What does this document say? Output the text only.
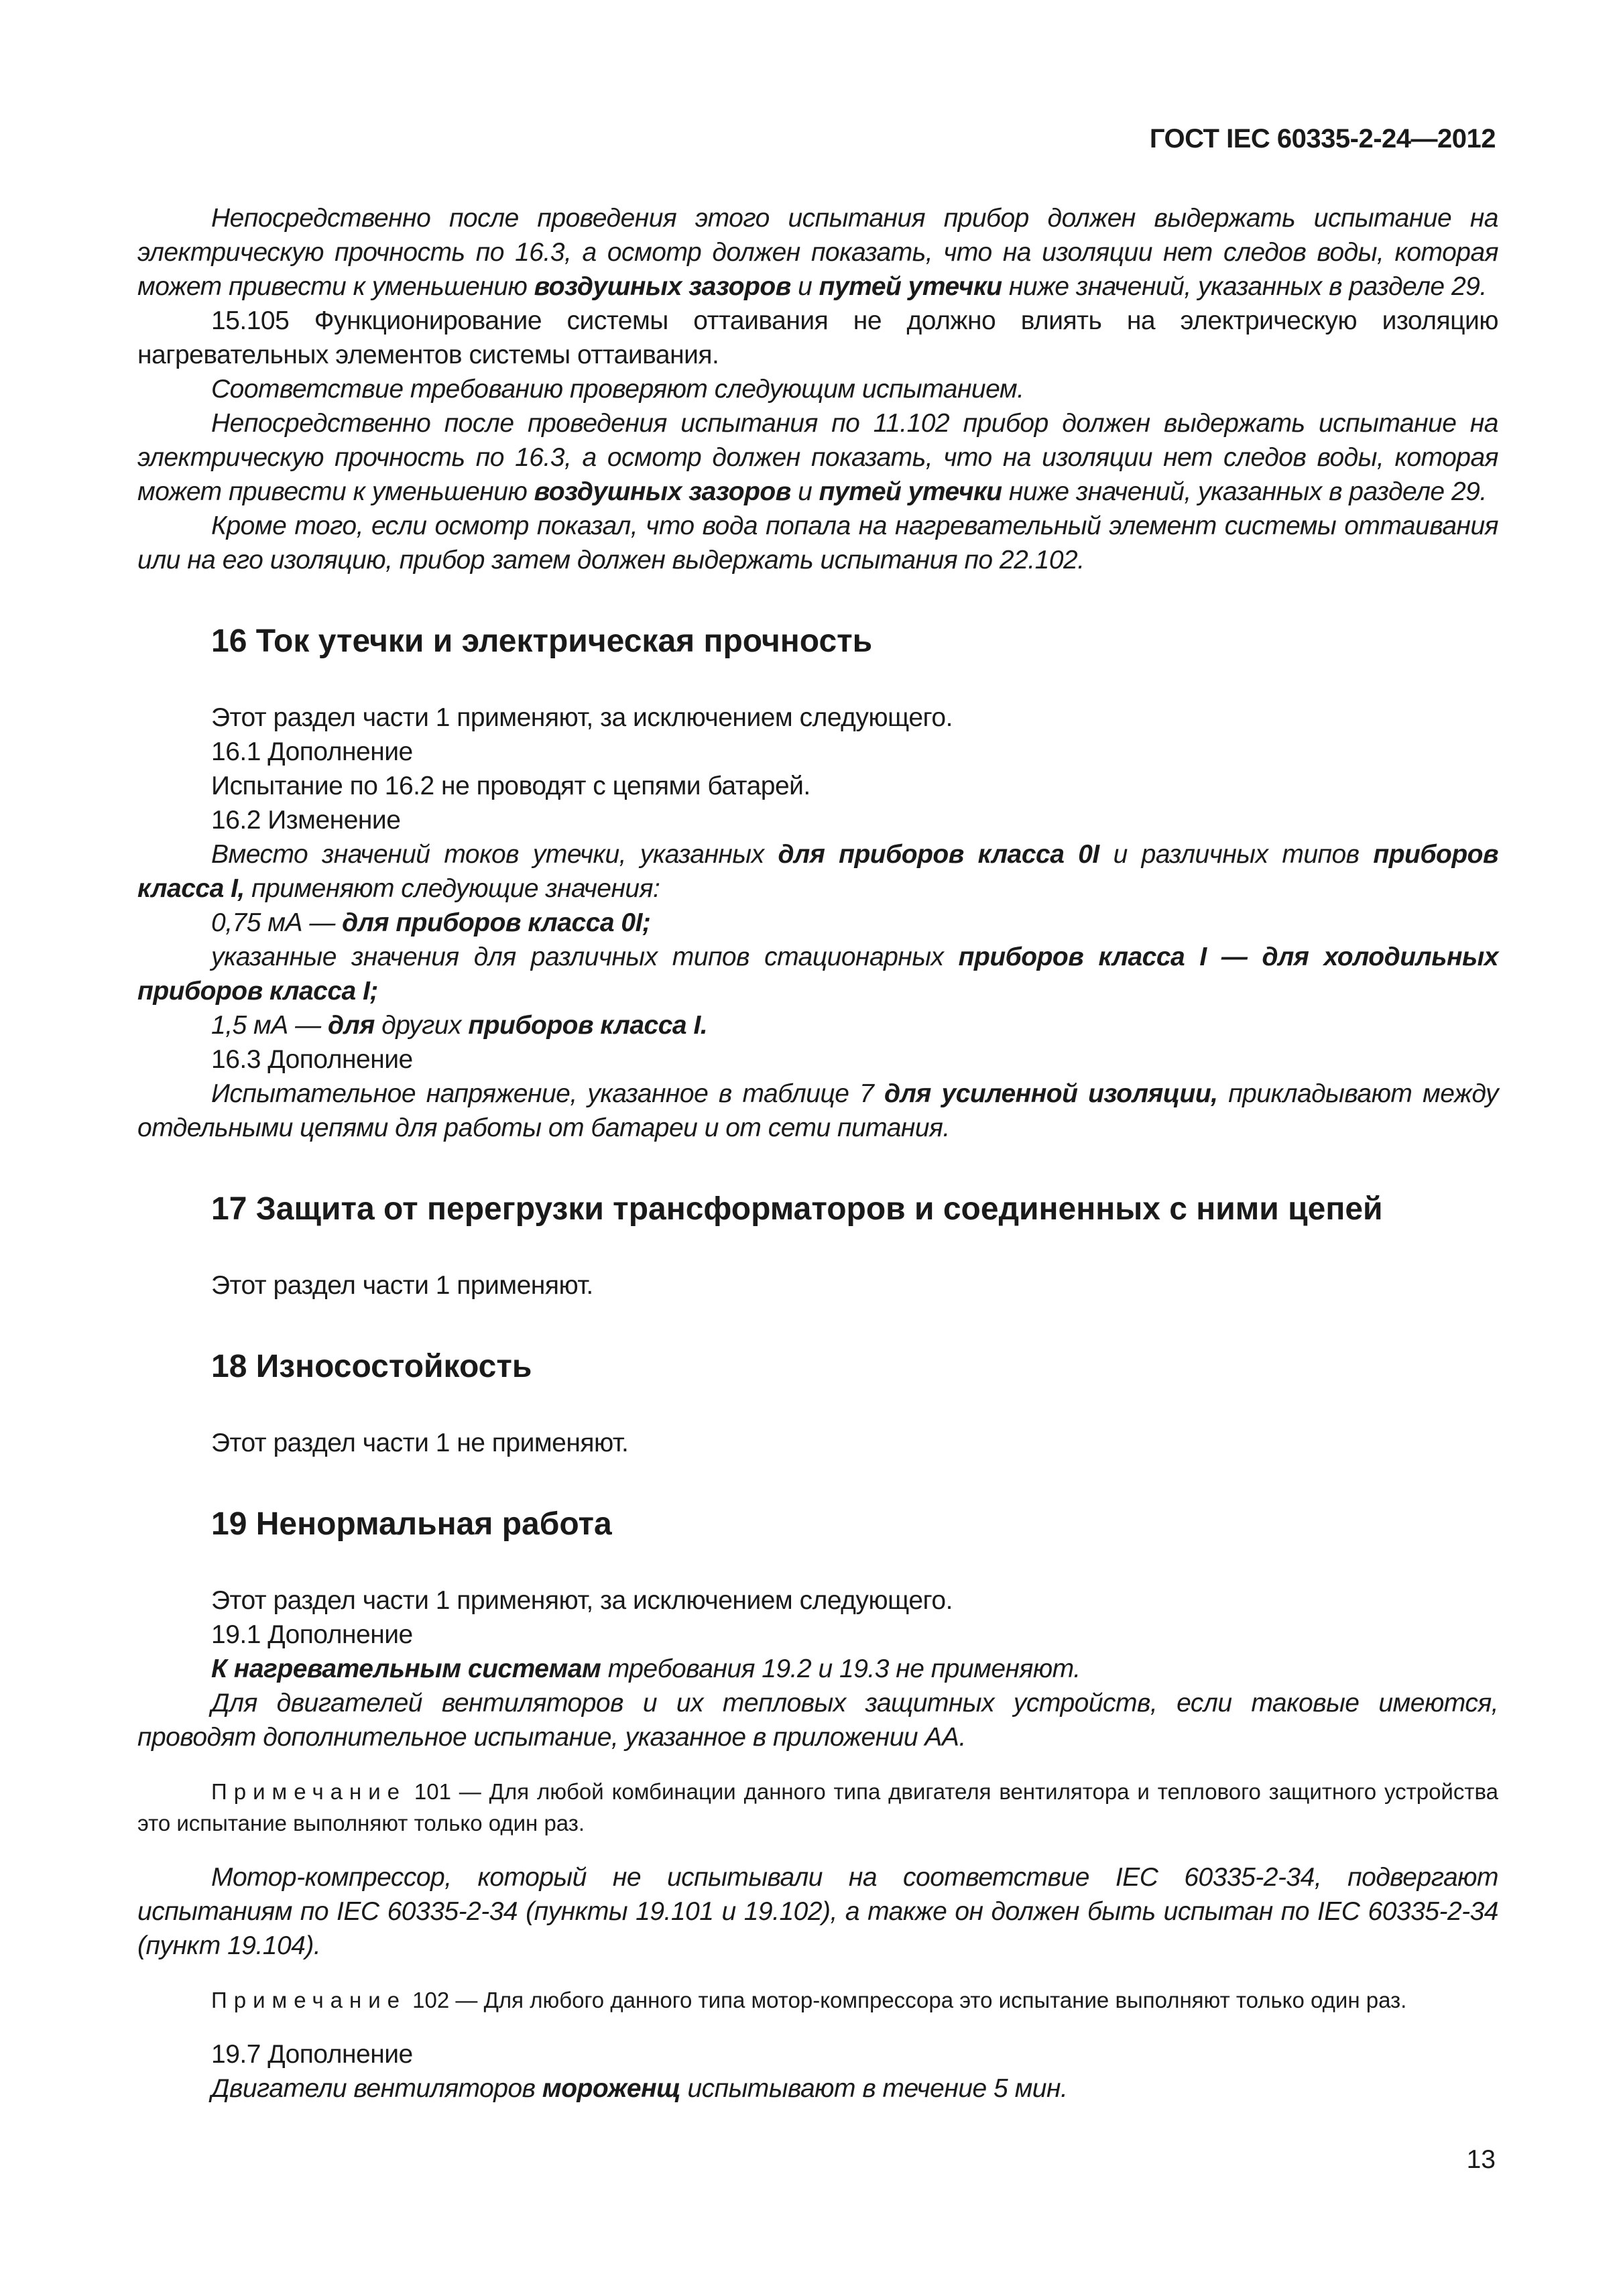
ГОСТ IEC 60335-2-24—2012

Непосредственно после проведения этого испытания прибор должен выдержать испытание на электрическую прочность по 16.3, а осмотр должен показать, что на изоляции нет следов воды, которая может привести к уменьшению воздушных зазоров и путей утечки ниже значений, указанных в разделе 29.

15.105 Функционирование системы оттаивания не должно влиять на электрическую изоляцию нагревательных элементов системы оттаивания.

Соответствие требованию проверяют следующим испытанием.

Непосредственно после проведения испытания по 11.102 прибор должен выдержать испытание на электрическую прочность по 16.3, а осмотр должен показать, что на изоляции нет следов воды, которая может привести к уменьшению воздушных зазоров и путей утечки ниже значений, указанных в разделе 29.

Кроме того, если осмотр показал, что вода попала на нагревательный элемент системы оттаивания или на его изоляцию, прибор затем должен выдержать испытания по 22.102.

16 Ток утечки и электрическая прочность

Этот раздел части 1 применяют, за исключением следующего.

16.1 Дополнение

Испытание по 16.2 не проводят с цепями батарей.

16.2 Изменение

Вместо значений токов утечки, указанных для приборов класса 0I и различных типов приборов класса I, применяют следующие значения:

0,75 мА — для приборов класса 0I;

указанные значения для различных типов стационарных приборов класса I — для холодильных приборов класса I;

1,5 мА — для других приборов класса I.

16.3 Дополнение

Испытательное напряжение, указанное в таблице 7 для усиленной изоляции, прикладывают между отдельными цепями для работы от батареи и от сети питания.

17 Защита от перегрузки трансформаторов и соединенных с ними цепей

Этот раздел части 1 применяют.

18 Износостойкость

Этот раздел части 1 не применяют.

19 Ненормальная работа

Этот раздел части 1 применяют, за исключением следующего.

19.1 Дополнение

К нагревательным системам требования 19.2 и 19.3 не применяют.

Для двигателей вентиляторов и их тепловых защитных устройств, если таковые имеются, проводят дополнительное испытание, указанное в приложении АА.

Примечание 101 — Для любой комбинации данного типа двигателя вентилятора и теплового защитного устройства это испытание выполняют только один раз.

Мотор-компрессор, который не испытывали на соответствие IEC 60335-2-34, подвергают испытаниям по IEC 60335-2-34 (пункты 19.101 и 19.102), а также он должен быть испытан по IEC 60335-2-34 (пункт 19.104).

Примечание 102 — Для любого данного типа мотор-компрессора это испытание выполняют только один раз.

19.7 Дополнение

Двигатели вентиляторов мороженщ испытывают в течение 5 мин.

13
